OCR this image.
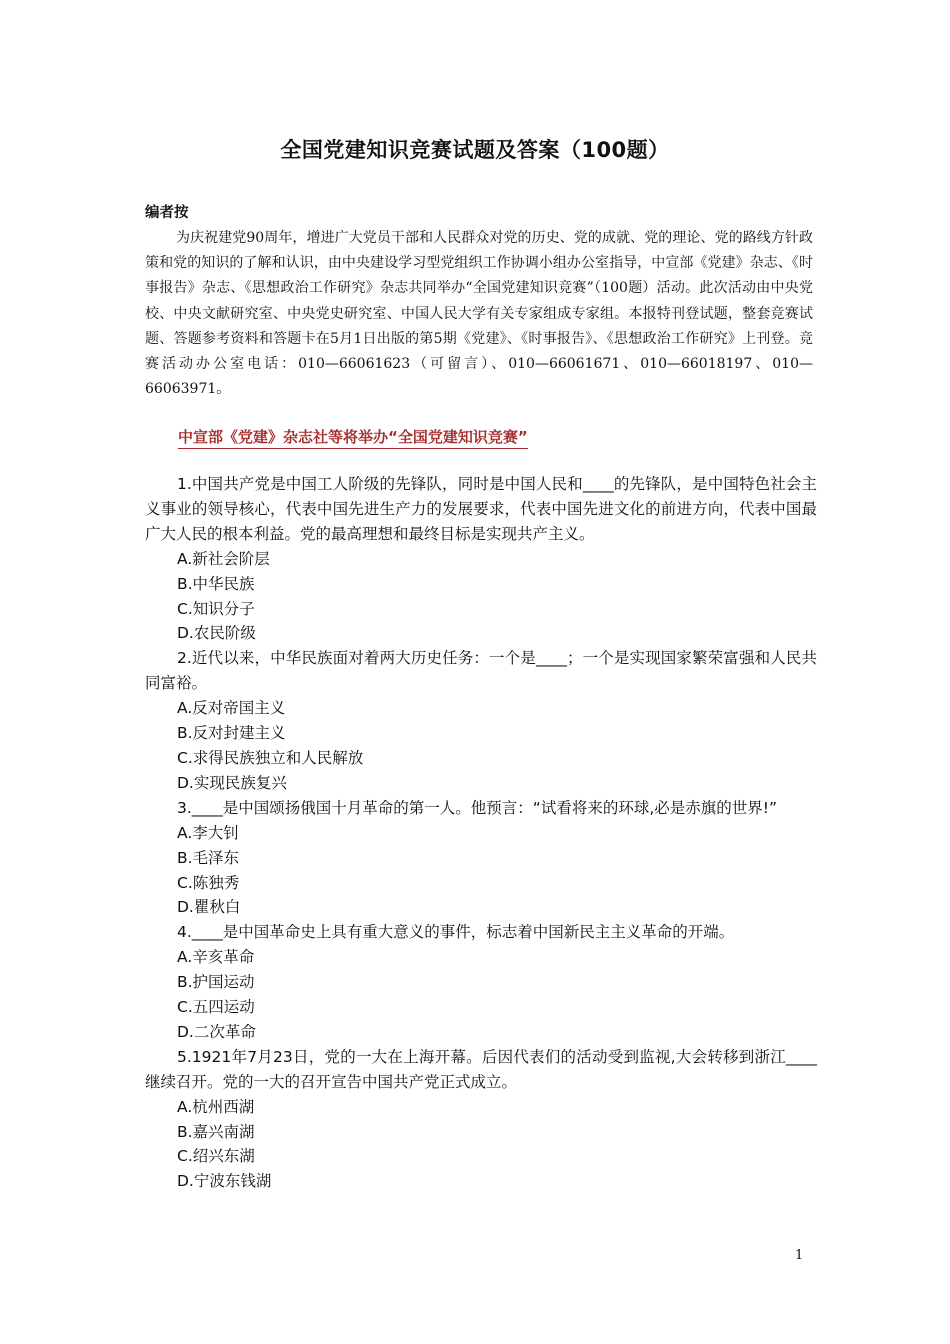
全国党建知识竞赛试题及答案（100题）
编者按
为庆祝建党90周年，增进广大党员干部和人民群众对党的历史、党的成就、党的理论、党的路线方针政策和党的知识的了解和认识，由中央建设学习型党组织工作协调小组办公室指导，中宣部《党建》杂志、《时事报告》杂志、《思想政治工作研究》杂志共同举办“全国党建知识竞赛”（100题）活动。此次活动由中央党校、中央文献研究室、中央党史研究室、中国人民大学有关专家组成专家组。本报特刊登试题，整套竞赛试题、答题参考资料和答题卡在5月1日出版的第5期《党建》、《时事报告》、《思想政治工作研究》上刊登。竞赛活动办公室电话：010—66061623（可留言）、010—66061671、010—66018197、010—66063971。
中宣部《党建》杂志社等将举办“全国党建知识竞赛”
1.中国共产党是中国工人阶级的先锋队，同时是中国人民和____的先锋队，是中国特色社会主义事业的领导核心，代表中国先进生产力的发展要求，代表中国先进文化的前进方向，代表中国最广大人民的根本利益。党的最高理想和最终目标是实现共产主义。
A.新社会阶层
B.中华民族
C.知识分子
D.农民阶级
2.近代以来，中华民族面对着两大历史任务：一个是____；一个是实现国家繁荣富强和人民共同富裕。
A.反对帝国主义
B.反对封建主义
C.求得民族独立和人民解放
D.实现民族复兴
3.____是中国颂扬俄国十月革命的第一人。他预言：“试看将来的环球,必是赤旗的世界!”
A.李大钊
B.毛泽东
C.陈独秀
D.瞿秋白
4.____是中国革命史上具有重大意义的事件，标志着中国新民主主义革命的开端。
A.辛亥革命
B.护国运动
C.五四运动
D.二次革命
5.1921年7月23日，党的一大在上海开幕。后因代表们的活动受到监视,大会转移到浙江____继续召开。党的一大的召开宣告中国共产党正式成立。
A.杭州西湖
B.嘉兴南湖
C.绍兴东湖
D.宁波东钱湖
1
